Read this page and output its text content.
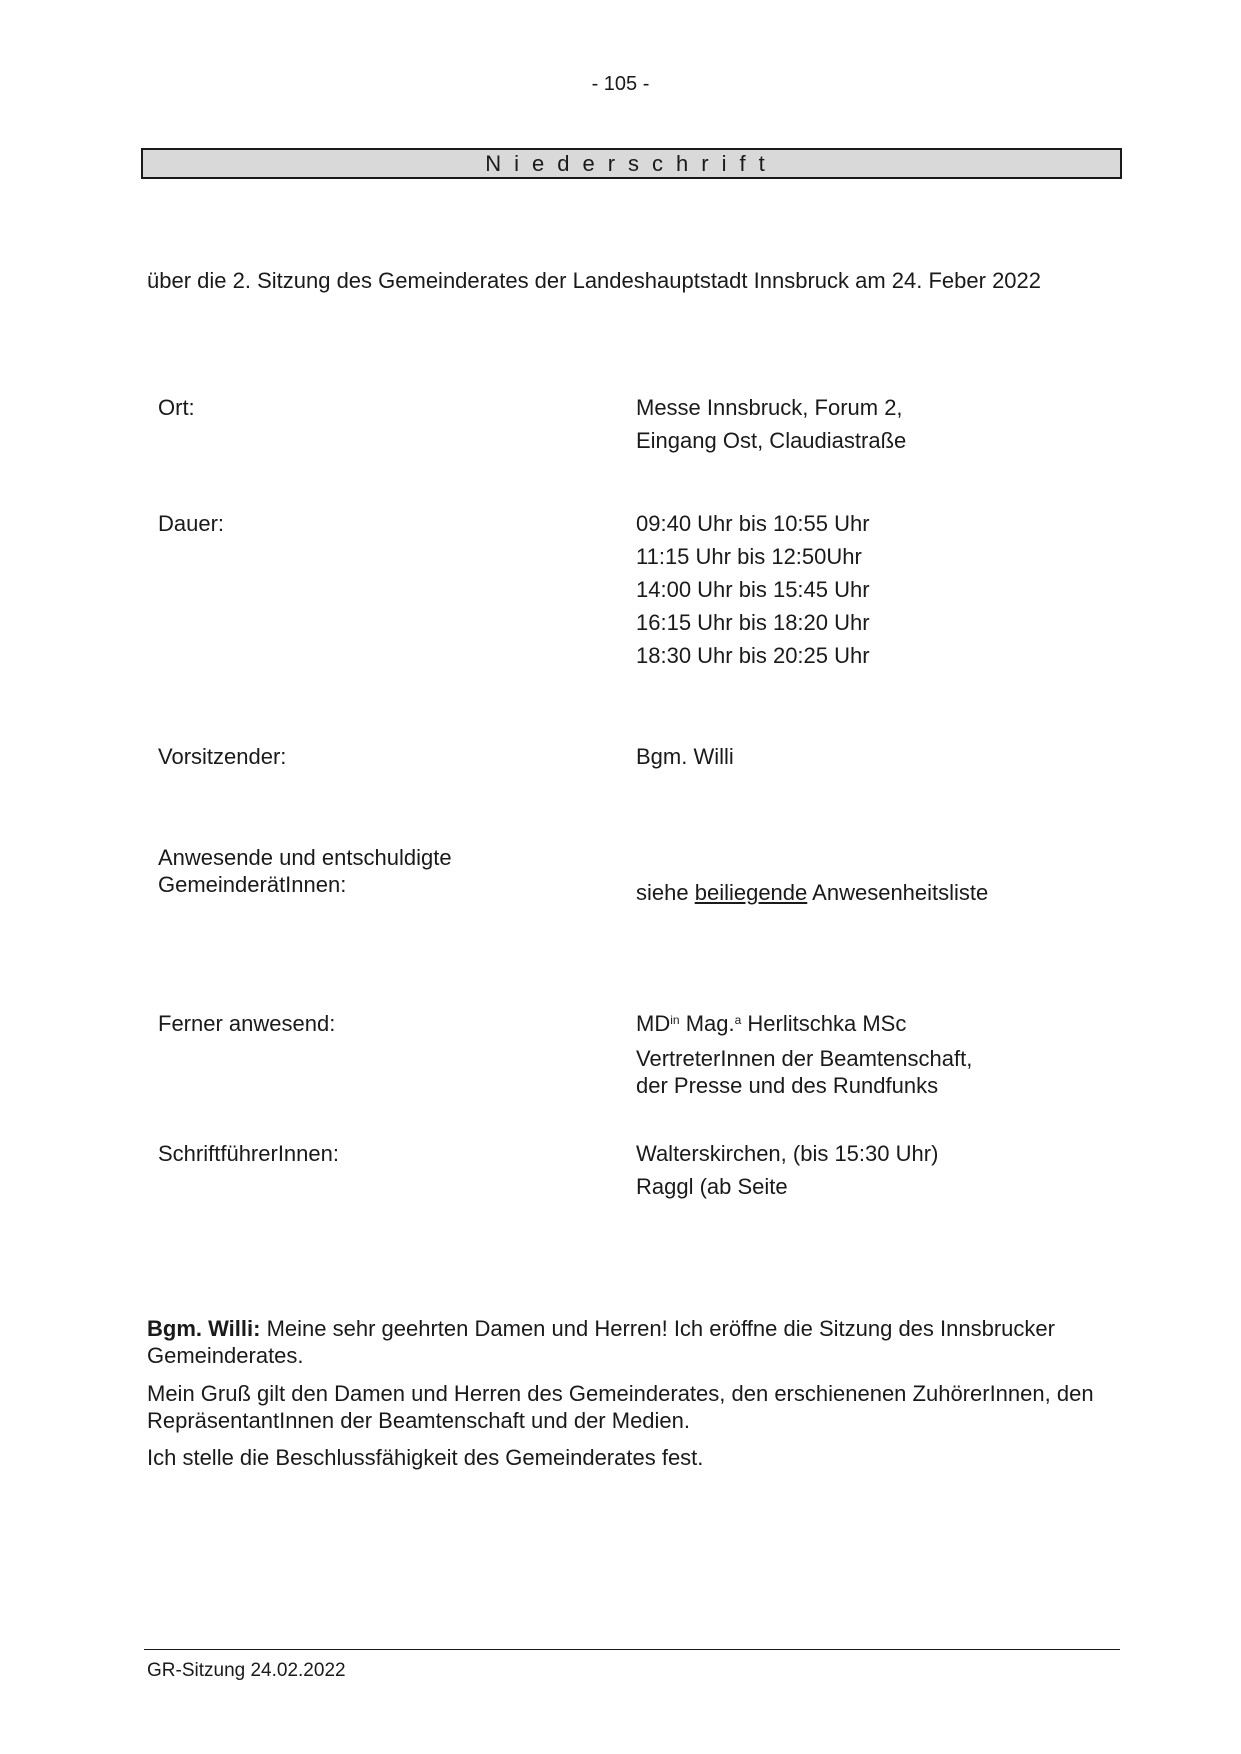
- 105 -
Niederschrift
über die 2. Sitzung des Gemeinderates der Landeshauptstadt Innsbruck am 24. Feber 2022
Ort:	Messe Innsbruck, Forum 2,
Eingang Ost, Claudiastraße
Dauer:	09:40 Uhr bis 10:55 Uhr
11:15 Uhr bis 12:50Uhr
14:00 Uhr bis 15:45 Uhr
16:15 Uhr bis 18:20 Uhr
18:30 Uhr bis 20:25 Uhr
Vorsitzender:	Bgm. Willi
Anwesende und entschuldigte
GemeinderätInnen:	siehe beiliegende Anwesenheitsliste
Ferner anwesend:	$MD^{in}$ Mag.$^a$ Herlitschka MSc
VertreterInnen der Beamtenschaft,
der Presse und des Rundfunks
SchriftführerInnen:	Walterskirchen, (bis 15:30 Uhr)
Raggl (ab Seite
Bgm. Willi: Meine sehr geehrten Damen und Herren! Ich eröffne die Sitzung des Innsbrucker Gemeinderates.
Mein Gruß gilt den Damen und Herren des Gemeinderates, den erschienenen ZuhörerInnen, den RepräsentantInnen der Beamtenschaft und der Medien.
Ich stelle die Beschlussfähigkeit des Gemeinderates fest.
GR-Sitzung 24.02.2022
